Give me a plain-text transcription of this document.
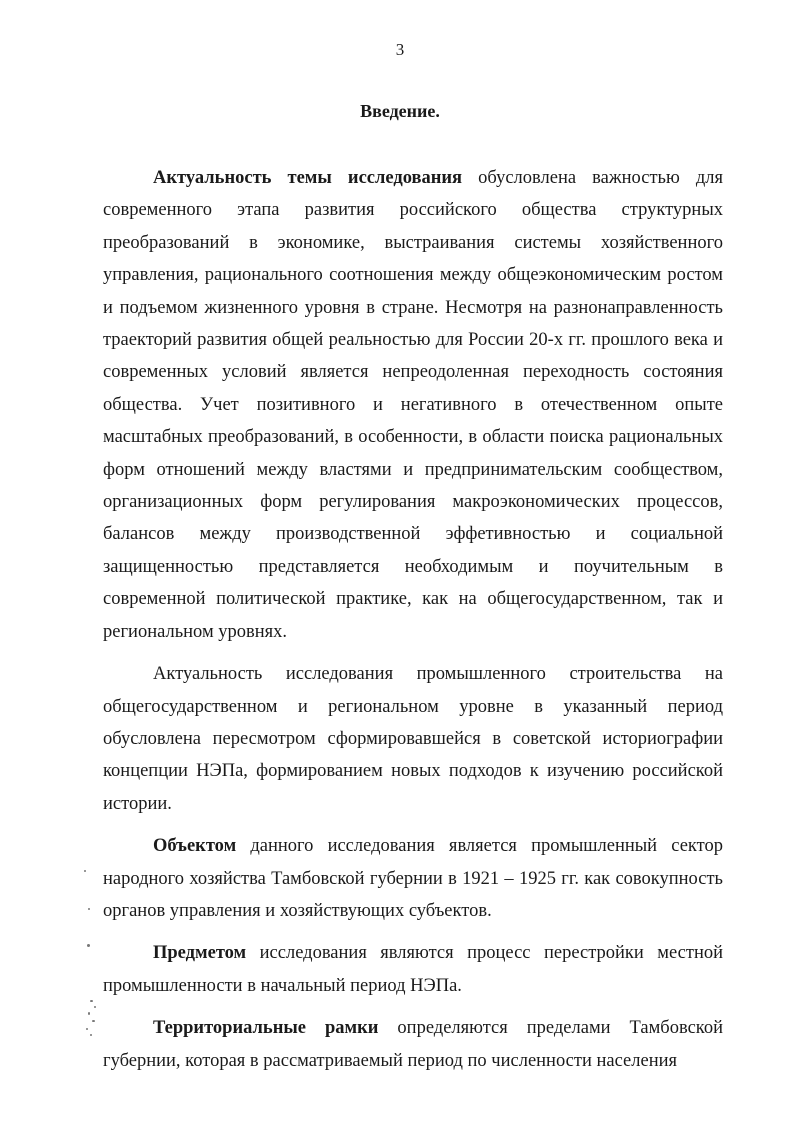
3
Введение.

Актуальность темы исследования обусловлена важностью для современного этапа развития российского общества структурных преобразований в экономике, выстраивания системы хозяйственного управления, рационального соотношения между общеэкономическим ростом и подъемом жизненного уровня в стране. Несмотря на разнонаправленность траекторий развития общей реальностью для России 20-х гг. прошлого века и современных условий является непреодоленная переходность состояния общества. Учет позитивного и негативного в отечественном опыте масштабных преобразований, в особенности, в области поиска рациональных форм отношений между властями и предпринимательским сообществом, организационных форм регулирования макроэкономических процессов, балансов между производственной эффетивностью и социальной защищенностью представляется необходимым и поучительным в современной политической практике, как на общегосударственном, так и региональном уровнях.

Актуальность исследования промышленного строительства на общегосударственном и региональном уровне в указанный период обусловлена пересмотром сформировавшейся в советской историографии концепции НЭПа, формированием новых подходов к изучению российской истории.

Объектом данного исследования является промышленный сектор народного хозяйства Тамбовской губернии в 1921 – 1925 гг. как совокупность органов управления и хозяйствующих субъектов.

Предметом исследования являются процесс перестройки местной промышленности в начальный период НЭПа.

Территориальные рамки определяются пределами Тамбовской губернии, которая в рассматриваемый период по численности населения
